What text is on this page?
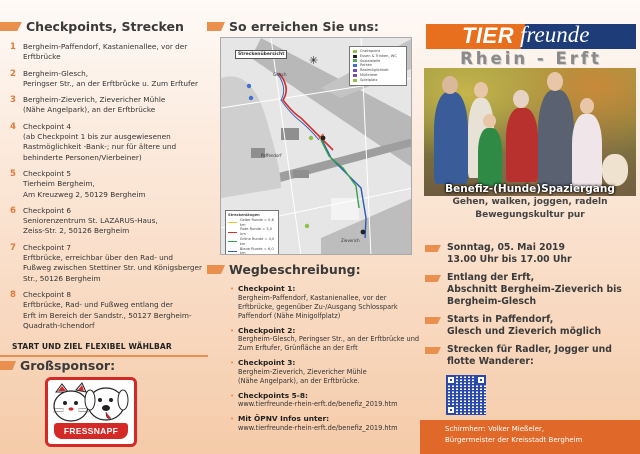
Checkpoints, Strecken
1 Bergheim-Paffendorf, Kastanienallee, vor der
Erftbrücke
2 Bergheim-Glesch,
Peringser Str., an der Erftbrücke u. Zum Erftufer
3 Bergheim-Zieverich, Zievericher Mühle
(Nähe Angelpark), an der Erftbrücke
4 Checkpoint 4
(ab Checkpoint 1 bis zur ausgewiesenen
Rastmöglichkeit -Bank-; nur für ältere und
behinderte Personen/Vierbeiner)
5 Checkpoint 5
Tierheim Bergheim,
Am Kreuzweg 2, 50129 Bergheim
6 Checkpoint 6
Seniorenzentrum St. LAZARUS-Haus,
Zeiss-Str. 2, 50126 Bergheim
7 Checkpoint 7
Erftbrücke, erreichbar über den Rad- und
Fußweg zwischen Stettiner Str. und Königsberger
Str., 50126 Bergheim
8 Checkpoint 8
Erftbrücke, Rad- und Fußweg entlang der
Erft im Bereich der Sandstr., 50127 Bergheim-
Quadrath-Ichendorf
START UND ZIEL FLEXIBEL WÄHLBAR
Großsponsor:
FRESSNAPF
So erreichen Sie uns:
Streckenübersicht ✳
Glesch
Paffendorf
Zieverich
Checkpoint
Essen & Trinken, WC
Sozialstelle
Parken
Rastmöglichkeit
Mülleimer
Spielplatz
Streckenlängen
Gelbe Runde = 0,6 km
Rote Runde = 3,0 km
Grüne Runde = 4,0 km
Blaue Runde = 6,0 km
Wegbeschreibung:
• Checkpoint 1:
Bergheim-Paffendorf, Kastanienallee, vor der
Erftbrücke, gegenüber Zu-/Ausgang Schlosspark
Paffendorf (Nähe Minigolfplatz)
• Checkpoint 2:
Bergheim-Glesch, Peringser Str., an der Erftbrücke und
Zum Erftufer, Grünfläche an der Erft
• Checkpoint 3:
Bergheim-Zieverich, Zievericher Mühle
(Nähe Angelpark), an der Erftbrücke.
• Checkpoints 5-8:
www.tierfreunde-rhein-erft.de/benefiz_2019.htm
• Mit ÖPNV Infos unter:
www.tierfreunde-rhein-erft.de/benefiz_2019.htm
TIER freunde
Rhein - Erft
Benefiz-(Hunde)Spaziergang
Gehen, walken, joggen, radeln
Bewegungskultur pur
Sonntag, 05. Mai 2019
13.00 Uhr bis 17.00 Uhr
Entlang der Erft,
Abschnitt Bergheim-Zieverich bis
Bergheim-Glesch
Starts in Paffendorf,
Glesch und Zieverich möglich
Strecken für Radler, Jogger und
flotte Wanderer:
Schirmherr: Volker Mießeler,
Bürgermeister der Kreisstadt Bergheim
